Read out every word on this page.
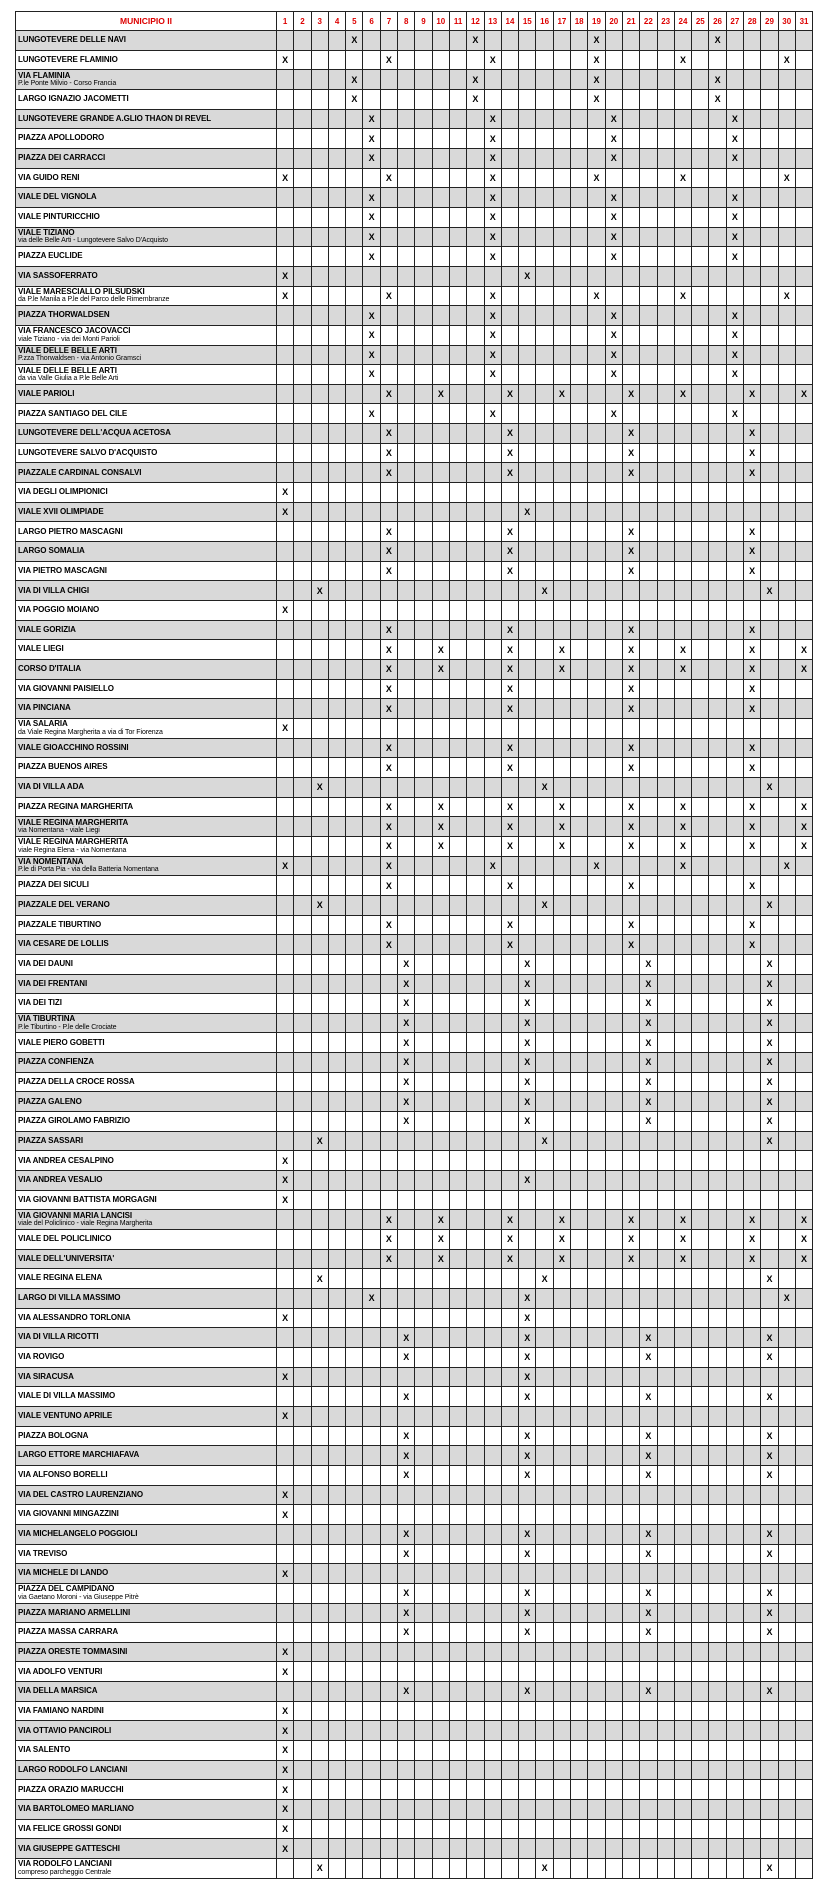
MUNICIPIO II	1	2	3	4	5	6	7	8	9	10	11	12	13	14	15	16	17	18	19	20	21	22	23	24	25	26	27	28	29	30	31

LUNGOTEVERE DELLE NAVI					X							X							X							X					

LUNGOTEVERE FLAMINIO	X						X						X						X					X						X	

VIA FLAMINIA
P.le Ponte Milvio - Corso Francia					X							X							X							X					

LARGO IGNAZIO JACOMETTI					X							X							X							X					

LUNGOTEVERE GRANDE A.GLIO THAON DI REVEL						X							X							X							X				

PIAZZA APOLLODORO						X							X							X							X				

PIAZZA DEI CARRACCI						X							X							X							X				

VIA GUIDO RENI	X						X						X						X					X						X	

VIALE DEL VIGNOLA						X							X							X							X				

VIALE PINTURICCHIO						X							X							X							X				

VIALE TIZIANO
via delle Belle Arti - Lungotevere Salvo D'Acquisto						X							X							X							X				

PIAZZA EUCLIDE						X							X							X							X				

VIA SASSOFERRATO	X														X																

VIALE MARESCIALLO PILSUDSKI
da P.le Manila a P.le del Parco delle Rimembranze	X						X						X						X					X						X	

PIAZZA THORWALDSEN						X							X							X							X				

VIA FRANCESCO JACOVACCI
viale Tiziano - via dei Monti Parioli						X							X							X							X				

VIALE DELLE BELLE ARTI
P.zza Thorwaldsen - via Antonio Gramsci						X							X							X							X				

VIALE DELLE BELLE ARTI
da via Valle Giulia a P.le Belle Arti						X							X							X							X				

VIALE PARIOLI							X			X				X			X				X			X				X			X

PIAZZA SANTIAGO DEL CILE						X							X							X							X				

LUNGOTEVERE DELL'ACQUA ACETOSA							X							X							X							X			

LUNGOTEVERE SALVO D'ACQUISTO							X							X							X							X			

PIAZZALE CARDINAL CONSALVI							X							X							X							X			

VIA DEGLI OLIMPIONICI	X																														

VIALE XVII OLIMPIADE	X														X																

LARGO PIETRO MASCAGNI							X							X							X							X			

LARGO SOMALIA							X							X							X							X			

VIA PIETRO MASCAGNI							X							X							X							X			

VIA DI VILLA CHIGI			X													X													X		

VIA POGGIO MOIANO	X																														

VIALE GORIZIA							X							X							X							X			

VIALE LIEGI							X			X				X			X				X			X				X			X

CORSO D'ITALIA							X			X				X			X				X			X				X			X

VIA GIOVANNI PAISIELLO							X							X							X							X			

VIA PINCIANA							X							X							X							X			

VIA SALARIA
da Viale Regina Margherita a via di Tor Fiorenza	X																														

VIALE GIOACCHINO ROSSINI							X							X							X							X			

PIAZZA BUENOS AIRES							X							X							X							X			

VIA DI VILLA ADA			X													X													X		

PIAZZA REGINA MARGHERITA							X			X				X			X				X			X				X			X

VIALE REGINA MARGHERITA
via Nomentana - viale Liegi							X			X				X			X				X			X				X			X

VIALE REGINA MARGHERITA
viale Regina Elena - via Nomentana							X			X				X			X				X			X				X			X

VIA NOMENTANA
P.le di Porta Pia - via della Batteria Nomentana	X						X						X						X					X						X	

PIAZZA DEI SICULI							X							X							X							X			

PIAZZALE DEL VERANO			X													X													X		

PIAZZALE TIBURTINO							X							X							X							X			

VIA CESARE DE LOLLIS							X							X							X							X			

VIA DEI DAUNI								X							X							X							X		

VIA DEI FRENTANI								X							X							X							X		

VIA DEI TIZI								X							X							X							X		

VIA TIBURTINA
P.le Tiburtino - P.le delle Crociate								X							X							X							X		

VIALE PIERO GOBETTI								X							X							X							X		

PIAZZA CONFIENZA								X							X							X							X		

PIAZZA DELLA CROCE ROSSA								X							X							X							X		

PIAZZA GALENO								X							X							X							X		

PIAZZA GIROLAMO FABRIZIO								X							X							X							X		

PIAZZA SASSARI			X													X													X		

VIA ANDREA CESALPINO	X																														

VIA ANDREA VESALIO	X														X																

VIA GIOVANNI BATTISTA MORGAGNI	X																														

VIA GIOVANNI MARIA LANCISI
viale del Policlinico - viale Regina Margherita							X			X				X			X				X			X				X			X

VIALE DEL POLICLINICO							X			X				X			X				X			X				X			X

VIALE DELL'UNIVERSITA'							X			X				X			X				X			X				X			X

VIALE REGINA ELENA			X													X													X		

LARGO DI VILLA MASSIMO						X									X															X	

VIA ALESSANDRO TORLONIA	X														X																

VIA DI VILLA RICOTTI								X							X							X							X		

VIA ROVIGO								X							X							X							X		

VIA SIRACUSA	X														X																

VIALE DI VILLA MASSIMO								X							X							X							X		

VIALE VENTUNO APRILE	X																														

PIAZZA BOLOGNA								X							X							X							X		

LARGO ETTORE MARCHIAFAVA								X							X							X							X		

VIA ALFONSO BORELLI								X							X							X							X		

VIA DEL CASTRO LAURENZIANO	X																														

VIA GIOVANNI MINGAZZINI	X																														

VIA MICHELANGELO POGGIOLI								X							X							X							X		

VIA TREVISO								X							X							X							X		

VIA MICHELE DI LANDO	X																														

PIAZZA DEL CAMPIDANO
via Gaetano Moroni - via Giuseppe Pitrè								X							X							X							X		

PIAZZA MARIANO ARMELLINI								X							X							X							X		

PIAZZA MASSA CARRARA								X							X							X							X		

PIAZZA ORESTE TOMMASINI	X																														

VIA ADOLFO VENTURI	X																														

VIA DELLA MARSICA								X							X							X							X		

VIA FAMIANO NARDINI	X																														

VIA OTTAVIO PANCIROLI	X																														

VIA SALENTO	X																														

LARGO RODOLFO LANCIANI	X																														

PIAZZA ORAZIO MARUCCHI	X																														

VIA BARTOLOMEO MARLIANO	X																														

VIA FELICE GROSSI GONDI	X																														

VIA GIUSEPPE GATTESCHI	X																														

VIA RODOLFO LANCIANI
compreso parcheggio Centrale			X													X													X		
